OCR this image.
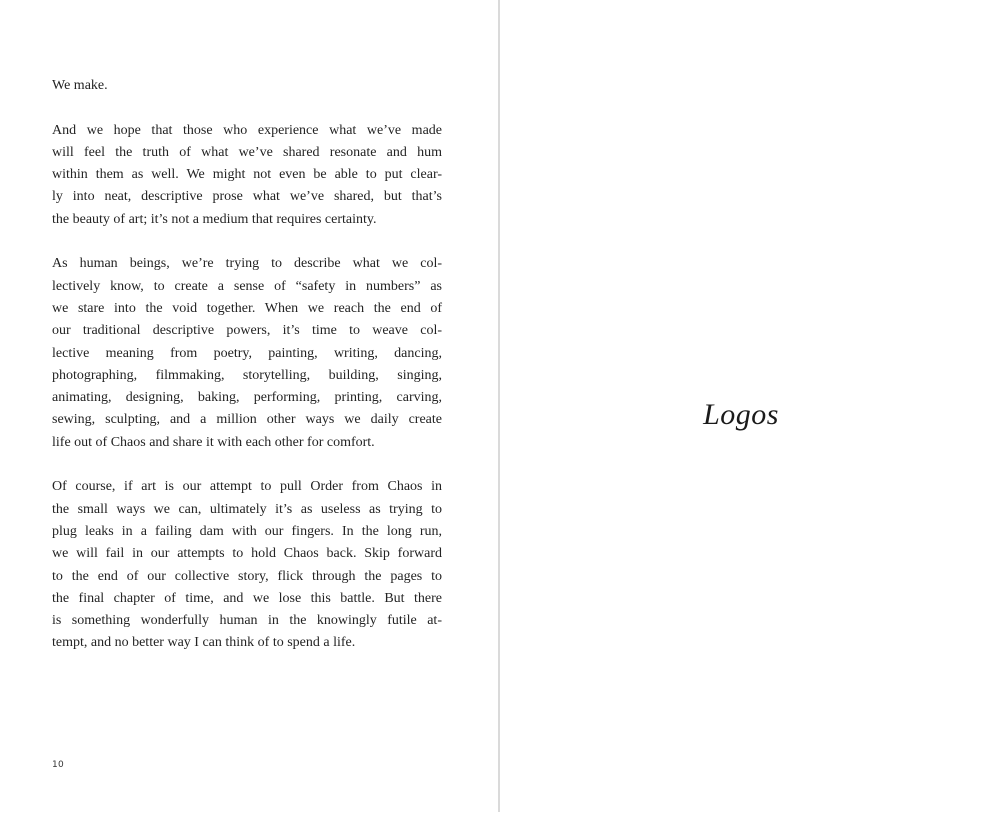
We make.
And we hope that those who experience what we’ve made
will feel the truth of what we’ve shared resonate and hum
within them as well. We might not even be able to put clear-
ly into neat, descriptive prose what we’ve shared, but that’s
the beauty of art; it’s not a medium that requires certainty.
As human beings, we’re trying to describe what we col-
lectively know, to create a sense of “safety in numbers” as
we stare into the void together. When we reach the end of
our traditional descriptive powers, it’s time to weave col-
lective meaning from poetry, painting, writing, dancing,
photographing, filmmaking, storytelling, building, singing,
animating, designing, baking, performing, printing, carving,
sewing, sculpting, and a million other ways we daily create
life out of Chaos and share it with each other for comfort.
Of course, if art is our attempt to pull Order from Chaos in
the small ways we can, ultimately it’s as useless as trying to
plug leaks in a failing dam with our fingers. In the long run,
we will fail in our attempts to hold Chaos back. Skip forward
to the end of our collective story, flick through the pages to
the final chapter of time, and we lose this battle. But there
is something wonderfully human in the knowingly futile at-
tempt, and no better way I can think of to spend a life.
10
Logos
